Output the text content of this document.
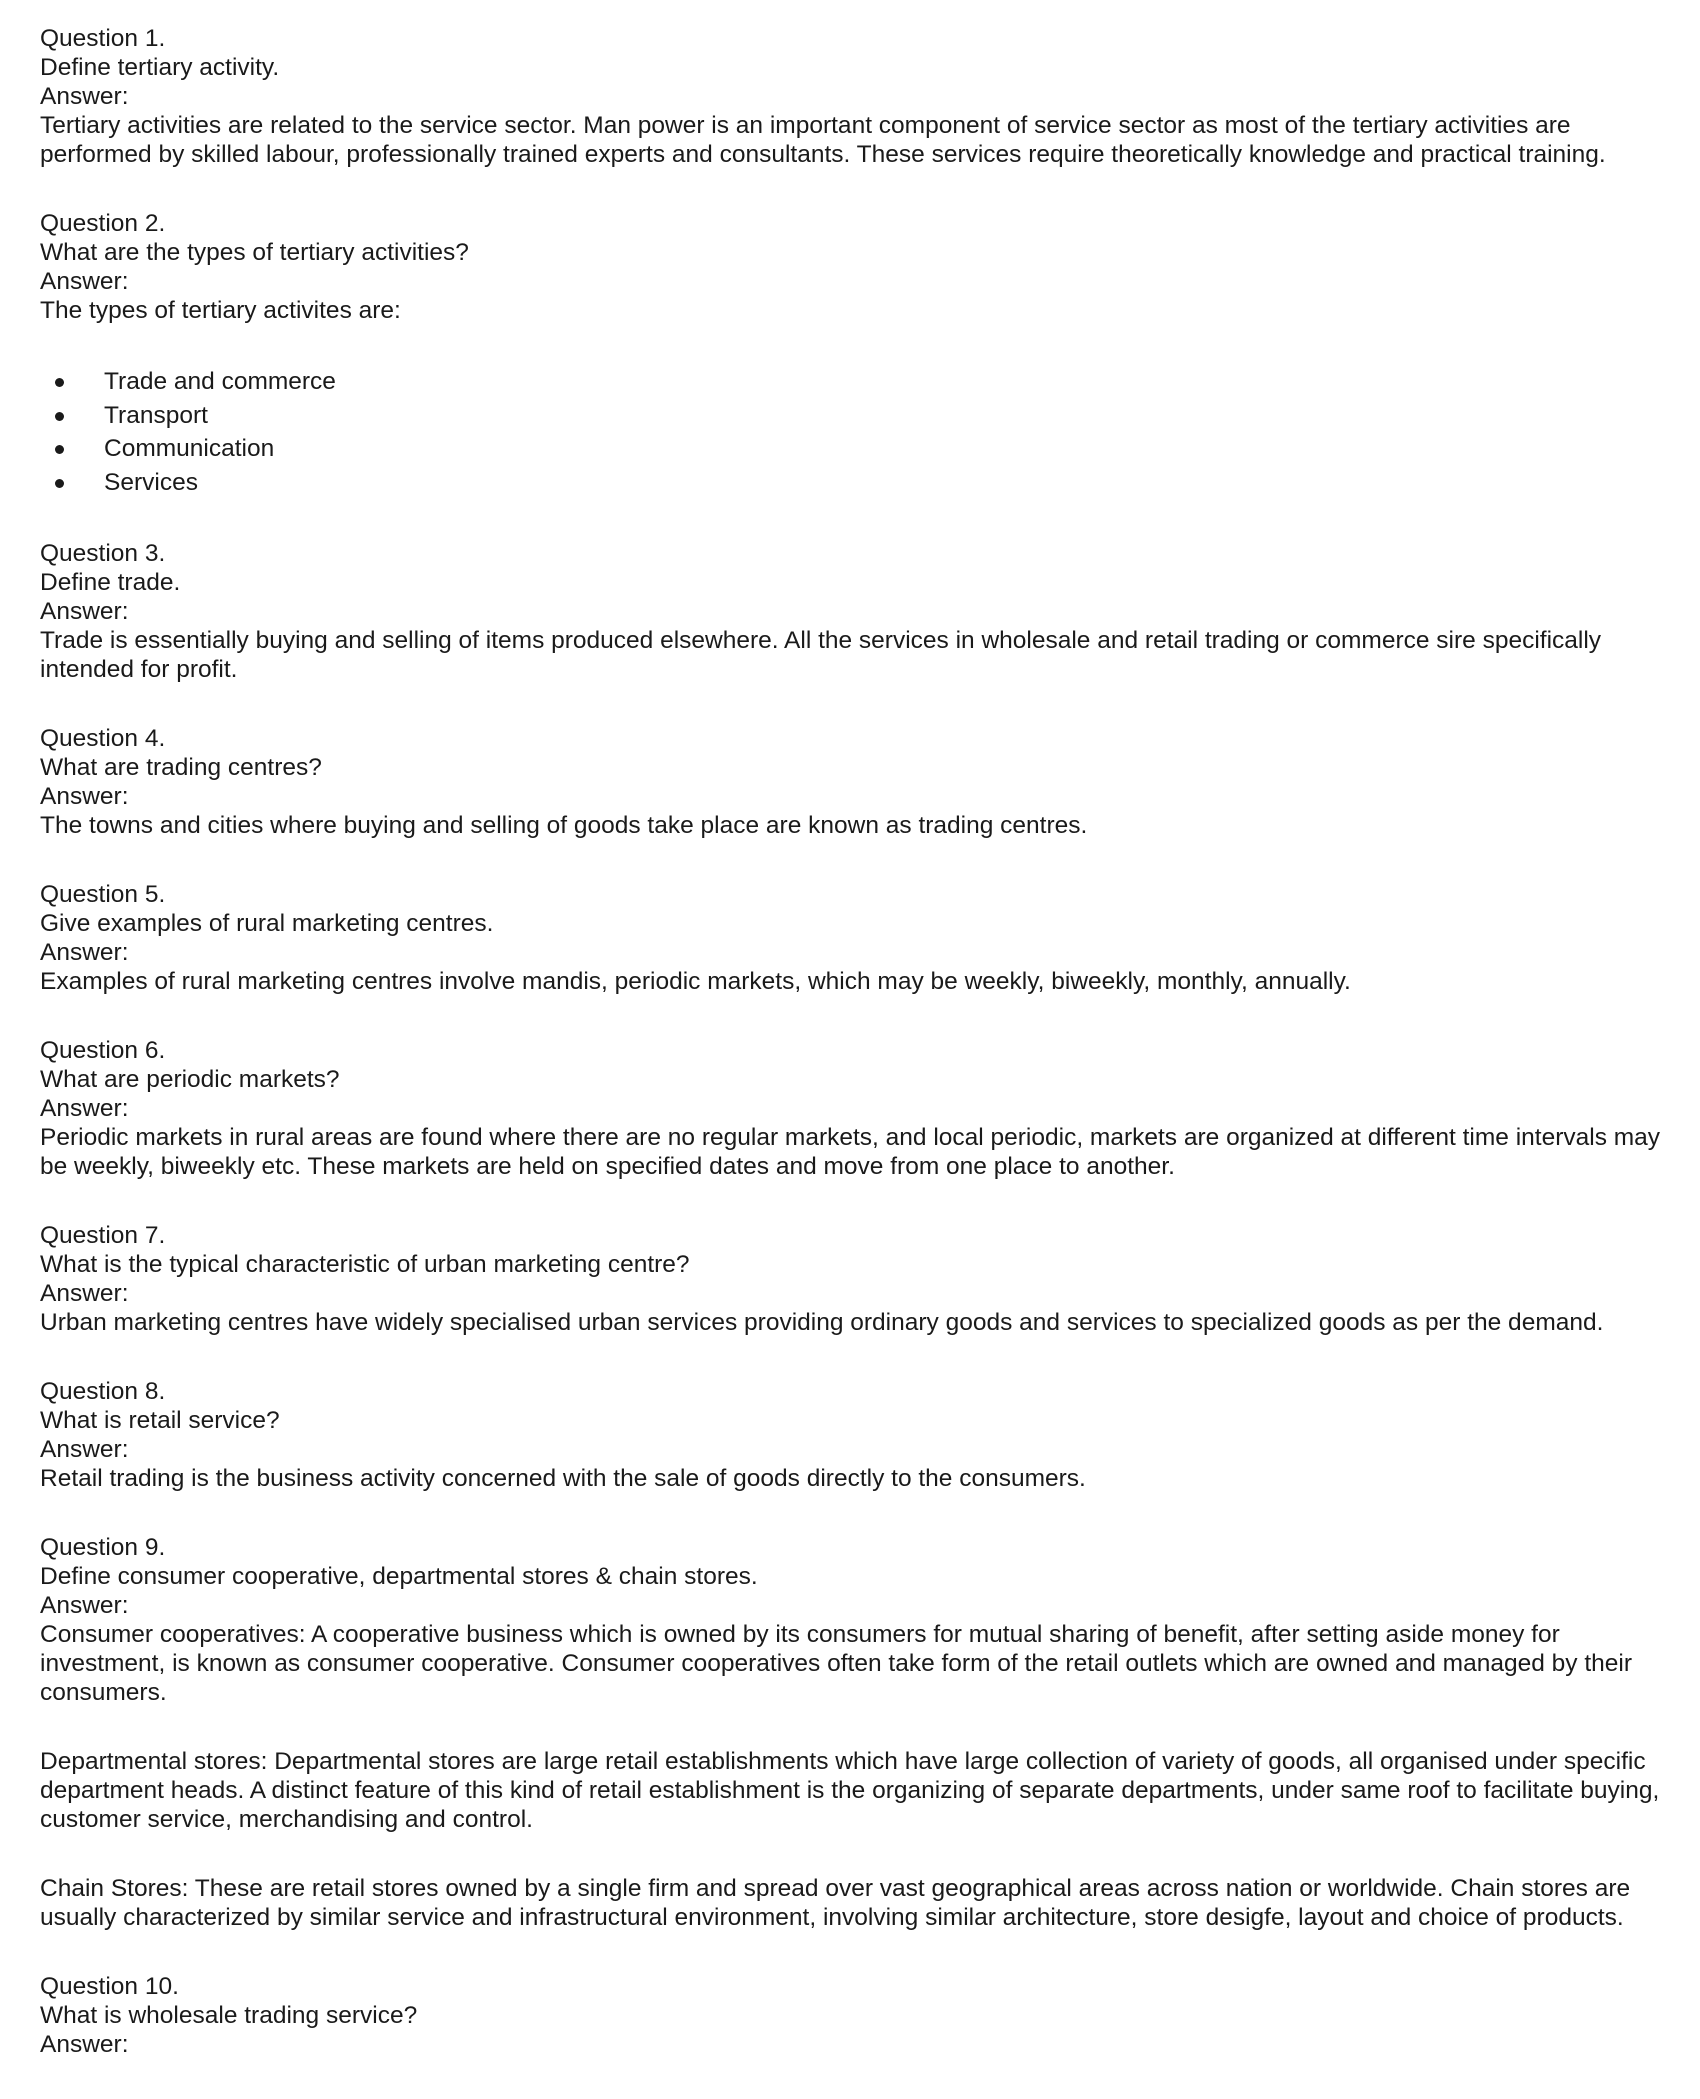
Question 1.
Define tertiary activity.
Answer:

Tertiary activities are related to the service sector. Man power is an important component of service sector as most of the tertiary activities are performed by skilled labour, professionally trained experts and consultants. These services require theoretically knowledge and practical training.

Question 2.
What are the types of tertiary activities?
Answer:

The types of tertiary activites are:

Trade and commerce
Transport
Communication
Services
Question 3.
Define trade.
Answer:

Trade is essentially buying and selling of items produced elsewhere. All the services in wholesale and retail trading or commerce sire specifically intended for profit.

Question 4.
What are trading centres?
Answer:

The towns and cities where buying and selling of goods take place are known as trading centres.

Question 5.
Give examples of rural marketing centres.
Answer:

Examples of rural marketing centres involve mandis, periodic markets, which may be weekly, biweekly, monthly, annually.

Question 6.
What are periodic markets?
Answer:

Periodic markets in rural areas are found where there are no regular markets, and local periodic, markets are organized at different time intervals may be weekly, biweekly etc. These markets are held on specified dates and move from one place to another.

Question 7.
What is the typical characteristic of urban marketing centre?
Answer:

Urban marketing centres have widely specialised urban services providing ordinary goods and services to specialized goods as per the demand.

Question 8.
What is retail service?
Answer:

Retail trading is the business activity concerned with the sale of goods directly to the consumers.

Question 9.
Define consumer cooperative, departmental stores & chain stores.
Answer:

Consumer cooperatives: A cooperative business which is owned by its consumers for mutual sharing of benefit, after setting aside money for investment, is known as consumer cooperative. Consumer cooperatives often take form of the retail outlets which are owned and managed by their consumers.

Departmental stores: Departmental stores are large retail establishments which have large collection of variety of goods, all organised under specific department heads. A distinct feature of this kind of retail establishment is the organizing of separate departments, under same roof to facilitate buying, customer service, merchandising and control.

Chain Stores: These are retail stores owned by a single firm and spread over vast geographical areas across nation or worldwide. Chain stores are usually characterized by similar service and infrastructural environment, involving similar architecture, store desigfe, layout and choice of products.

Question 10.
What is wholesale trading service?
Answer:
